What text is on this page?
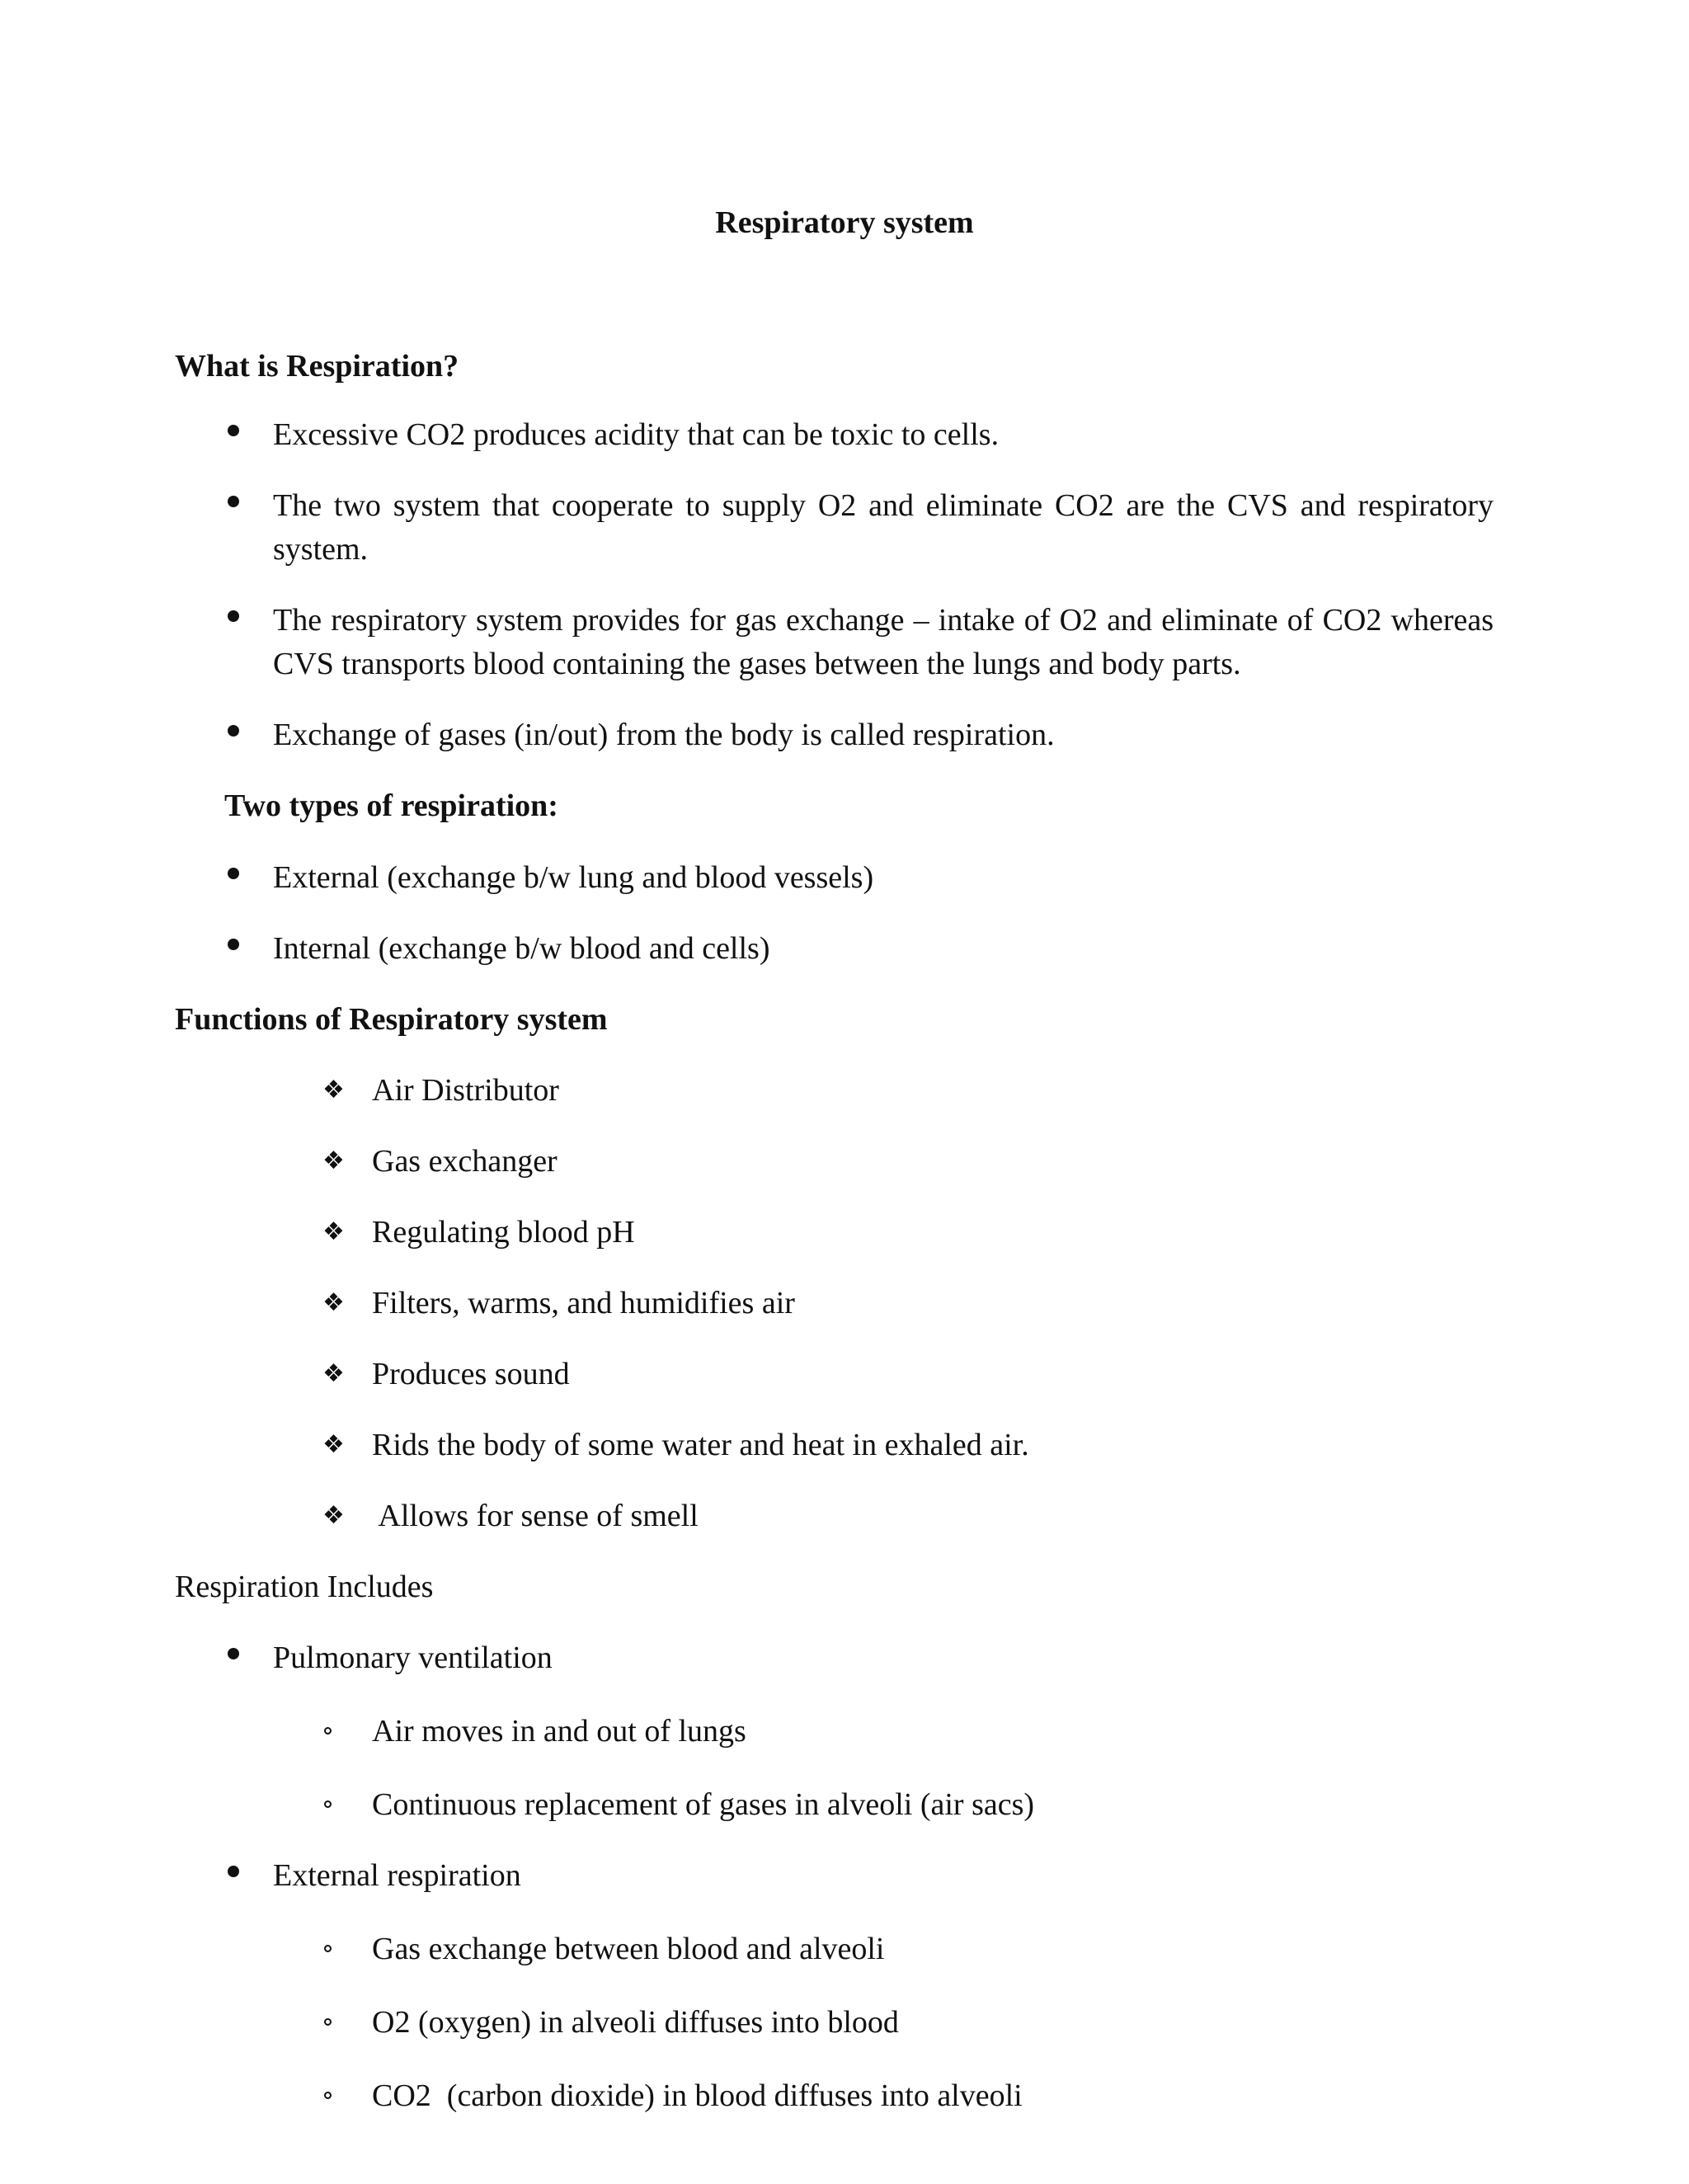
Respiratory system
What is Respiration?
Excessive CO2 produces acidity that can be toxic to cells.
The two system that cooperate to supply O2 and eliminate CO2 are the CVS and respiratory system.
The respiratory system provides for gas exchange – intake of O2 and eliminate of CO2 whereas CVS transports blood containing the gases between the lungs and body parts.
Exchange of gases (in/out) from the body is called respiration.
Two types of respiration:
External (exchange b/w lung and blood vessels)
Internal (exchange b/w blood and cells)
Functions of Respiratory system
❖ Air Distributor
❖ Gas exchanger
❖ Regulating blood pH
❖ Filters, warms, and humidifies air
❖ Produces sound
❖ Rids the body of some water and heat in exhaled air.
❖ Allows for sense of smell
Respiration Includes
Pulmonary ventilation
Air moves in and out of lungs
Continuous replacement of gases in alveoli (air sacs)
External respiration
Gas exchange between blood and alveoli
O2 (oxygen) in alveoli diffuses into blood
CO2  (carbon dioxide) in blood diffuses into alveoli
